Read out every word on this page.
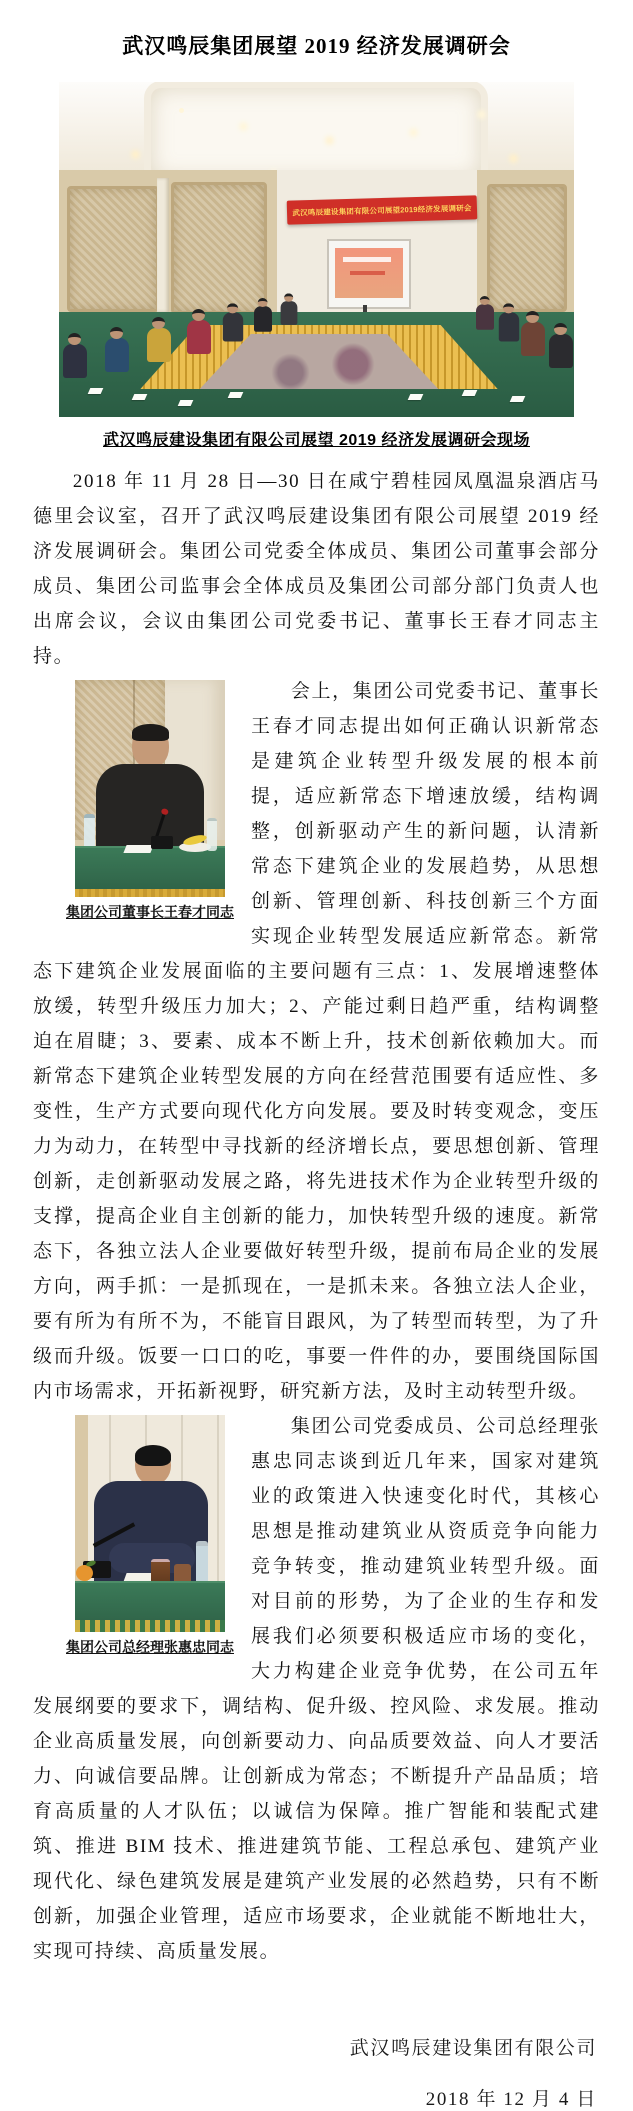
武汉鸣辰集团展望 2019 经济发展调研会
武汉鸣辰建设集团有限公司展望2019经济发展调研会
武汉鸣辰建设集团有限公司展望 2019 经济发展调研会现场

2018 年 11 月 28 日—30 日在咸宁碧桂园凤凰温泉酒店马德里会议室，召开了武汉鸣辰建设集团有限公司展望 2019 经济发展调研会。集团公司党委全体成员、集团公司董事会部分成员、集团公司监事会全体成员及集团公司部分部门负责人也出席会议，会议由集团公司党委书记、董事长王春才同志主持。

集团公司董事长王春才同志

会上，集团公司党委书记、董事长王春才同志提出如何正确认识新常态是建筑企业转型升级发展的根本前提，适应新常态下增速放缓，结构调整，创新驱动产生的新问题，认清新常态下建筑企业的发展趋势，从思想创新、管理创新、科技创新三个方面实现企业转型发展适应新常态。新常态下建筑企业发展面临的主要问题有三点：1、发展增速整体放缓，转型升级压力加大；2、产能过剩日趋严重，结构调整迫在眉睫；3、要素、成本不断上升，技术创新依赖加大。而新常态下建筑企业转型发展的方向在经营范围要有适应性、多变性，生产方式要向现代化方向发展。要及时转变观念，变压力为动力，在转型中寻找新的经济增长点，要思想创新、管理创新，走创新驱动发展之路，将先进技术作为企业转型升级的支撑，提高企业自主创新的能力，加快转型升级的速度。新常态下，各独立法人企业要做好转型升级，提前布局企业的发展方向，两手抓：一是抓现在，一是抓未来。各独立法人企业，要有所为有所不为，不能盲目跟风，为了转型而转型，为了升级而升级。饭要一口口的吃，事要一件件的办，要围绕国际国内市场需求，开拓新视野，研究新方法，及时主动转型升级。

集团公司总经理张惠忠同志

集团公司党委成员、公司总经理张惠忠同志谈到近几年来，国家对建筑业的政策进入快速变化时代，其核心思想是推动建筑业从资质竞争向能力竞争转变，推动建筑业转型升级。面对目前的形势，为了企业的生存和发展我们必须要积极适应市场的变化，大力构建企业竞争优势，在公司五年发展纲要的要求下，调结构、促升级、控风险、求发展。推动企业高质量发展，向创新要动力、向品质要效益、向人才要活力、向诚信要品牌。让创新成为常态；不断提升产品品质；培育高质量的人才队伍；以诚信为保障。推广智能和装配式建筑、推进 BIM 技术、推进建筑节能、工程总承包、建筑产业现代化、绿色建筑发展是建筑产业发展的必然趋势，只有不断创新，加强企业管理，适应市场要求，企业就能不断地壮大，实现可持续、高质量发展。

武汉鸣辰建设集团有限公司
2018 年 12 月 4 日
